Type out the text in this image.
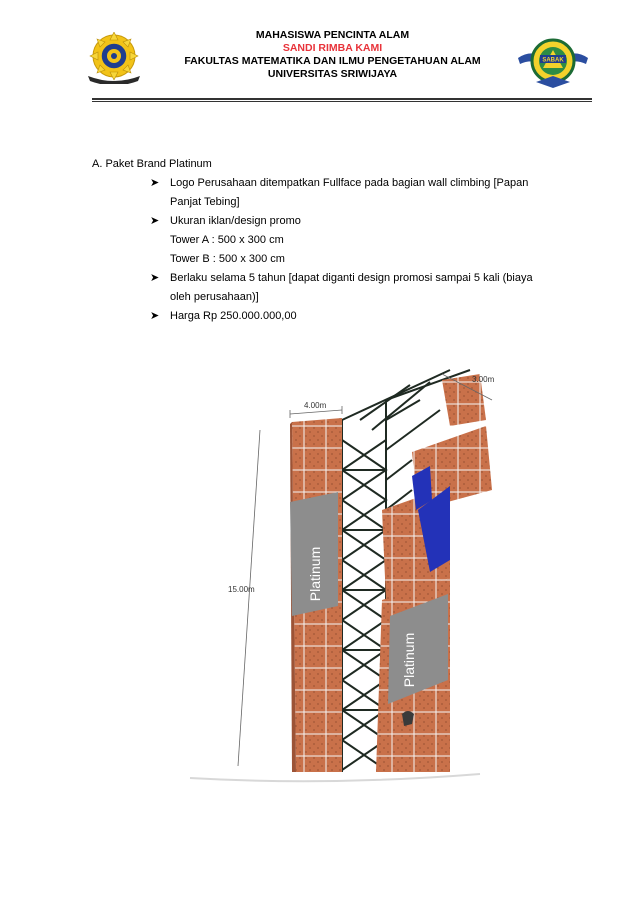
MAHASISWA PENCINTA ALAM
SANDI RIMBA KAMI
FAKULTAS MATEMATIKA DAN ILMU PENGETAHUAN ALAM
UNIVERSITAS SRIWIJAYA
SABAK
A. Paket Brand Platinum
➤ Logo Perusahaan ditempatkan Fullface pada bagian wall climbing [Papan
Panjat Tebing]
➤ Ukuran iklan/design promo
Tower A : 500 x 300 cm
Tower B : 500 x 300 cm
➤ Berlaku selama 5 tahun [dapat diganti design promosi sampai 5 kali (biaya
oleh perusahaan)]
➤ Harga Rp 250.000.000,00
Platinum
Platinum
4.00m
3.00m
15.00m
